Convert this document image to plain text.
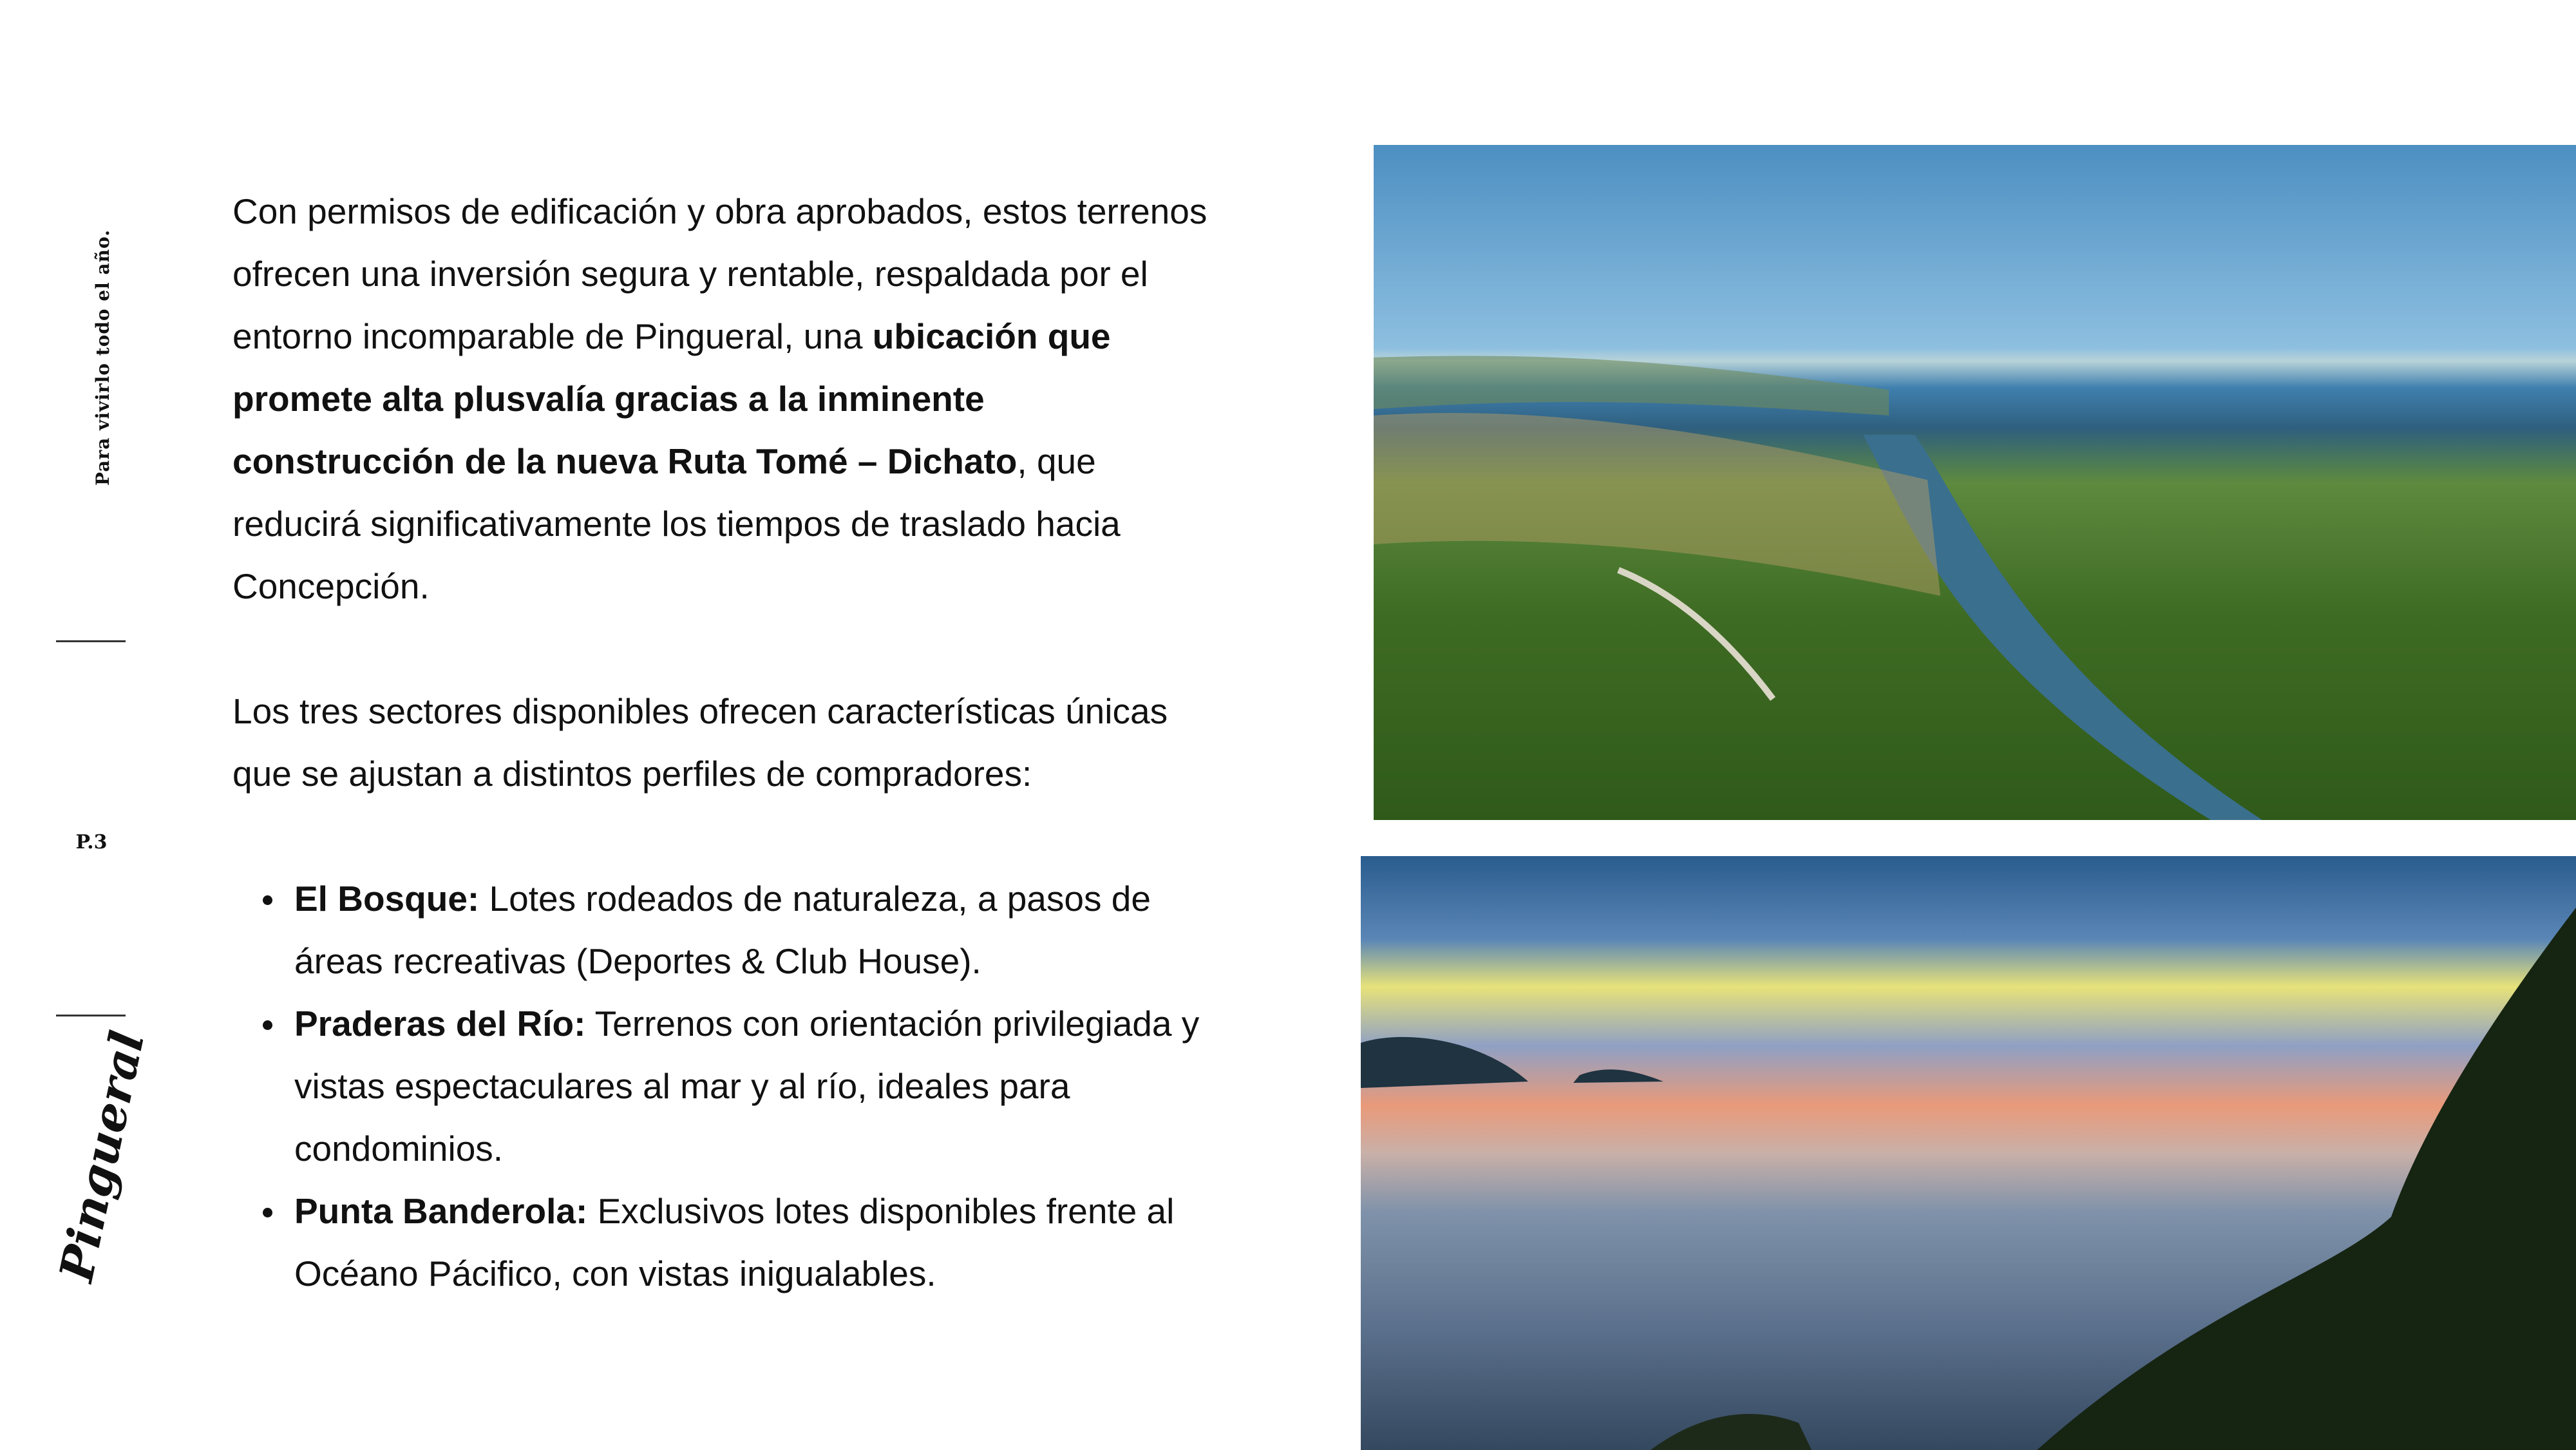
Para vivirlo todo el año.
P.3
Pingueral

Con permisos de edificación y obra aprobados, estos terrenos ofrecen una inversión segura y rentable, respaldada por el entorno incomparable de Pingueral, una ubicación que promete alta plusvalía gracias a la inminente construcción de la nueva Ruta Tomé – Dichato, que reducirá significativamente los tiempos de traslado hacia Concepción.

Los tres sectores disponibles ofrecen características únicas que se ajustan a distintos perfiles de compradores:

El Bosque: Lotes rodeados de naturaleza, a pasos de áreas recreativas (Deportes & Club House).
Praderas del Río: Terrenos con orientación privilegiada y vistas espectaculares al mar y al río, ideales para condominios.
Punta Banderola: Exclusivos lotes disponibles frente al Océano Pácifico, con vistas inigualables.
